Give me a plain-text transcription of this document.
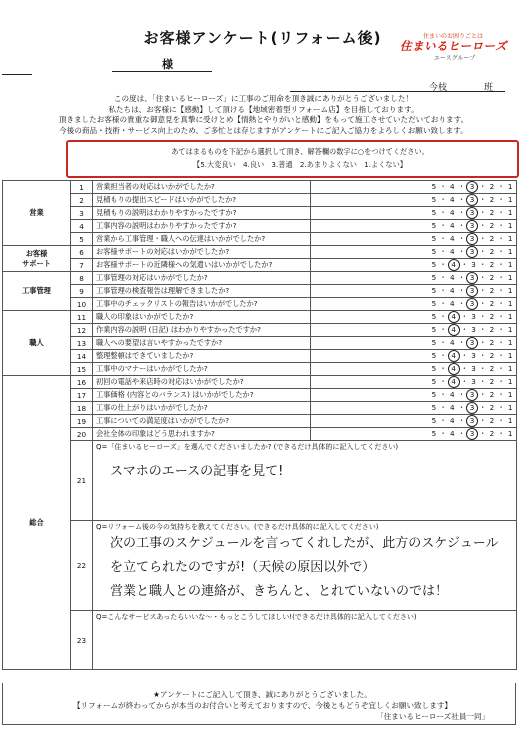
お客様アンケート(リフォーム後)	住まいのお困りごとは
住まいるヒーローズ
エースグループ
様
今枝	班
この度は、「住まいるヒーローズ」に工事のご用命を頂き誠にありがとうございました！
私たちは、お客様に【感動】して頂ける【地域密着型リフォーム店】を目指しております。
頂きましたお客様の貴重な御意見を真摯に受けとめ【情熱とやりがいと感動】をもって施工させていただいております。
今後の商品・技術・サービス向上のため、ご多忙とは存じますがアンケートにご記入ご協力をよろしくお願い致します。
あてはまるものを下記から選択して頂き、解答欄の数字に○をつけてください。
【5.大変良い　4.良い　3.普通　2.あまりよくない　1.よくない】
営業	1	営業担当者の対応はいかがでしたか?	5 ・ 4 ・ 3 ・ 2 ・ 1
	2	見積もりの提出スピードはいかがでしたか?	5 ・ 4 ・ 3 ・ 2 ・ 1
	3	見積もりの説明はわかりやすかったですか?	5 ・ 4 ・ 3 ・ 2 ・ 1
	4	工事内容の説明はわかりやすかったですか?	5 ・ 4 ・ 3 ・ 2 ・ 1
	5	営業から工事管理・職人への伝達はいかがでしたか?	5 ・ 4 ・ 3 ・ 2 ・ 1
お客様
サポート	6	お客様サポートの対応はいかがでしたか?	5 ・ 4 ・ 3 ・ 2 ・ 1
	7	お客様サポートの近隣様への気遣いはいかがでしたか?	5 ・ 4 ・ 3 ・ 2 ・ 1
工事管理	8	工事管理の対応はいかがでしたか?	5 ・ 4 ・ 3 ・ 2 ・ 1
	9	工事管理の検査報告は理解できましたか?	5 ・ 4 ・ 3 ・ 2 ・ 1
	10	工事中のチェックリストの報告はいかがでしたか?	5 ・ 4 ・ 3 ・ 2 ・ 1
職人	11	職人の印象はいかがでしたか?	5 ・ 4 ・ 3 ・ 2 ・ 1
	12	作業内容の説明 (日記) はわかりやすかったですか?	5 ・ 4 ・ 3 ・ 2 ・ 1
	13	職人への要望は言いやすかったですか?	5 ・ 4 ・ 3 ・ 2 ・ 1
	14	整理整頓はできていましたか?	5 ・ 4 ・ 3 ・ 2 ・ 1
	15	工事中のマナーはいかがでしたか?	5 ・ 4 ・ 3 ・ 2 ・ 1
総合	16	初回の電話や来店時の対応はいかがでしたか?	5 ・ 4 ・ 3 ・ 2 ・ 1
	17	工事価格 (内容とのバランス) はいかがでしたか?	5 ・ 4 ・ 3 ・ 2 ・ 1
	18	工事の仕上がりはいかがでしたか?	5 ・ 4 ・ 3 ・ 2 ・ 1
	19	工事についての満足度はいかがでしたか?	5 ・ 4 ・ 3 ・ 2 ・ 1
	20	会社全体の印象はどう思われますか?	5 ・ 4 ・ 3 ・ 2 ・ 1
	21	Q=「住まいるヒーローズ」を選んでくださいましたか? (できるだけ具体的に記入してください)
スマホのエースの記事を見て!	

	22	Q=リフォーム後の今の気持ちを教えてください。(できるだけ具体的に記入してください)
次の工事のスケジュールを言ってくれしたが、此方のスケジュール
を立てられたのですが!（天候の原因以外で）
営業と職人との連絡が、きちんと、とれていないのでは！	

	23	Q=こんなサービスあったらいいな〜・もっとこうしてほしい!(できるだけ具体的に記入してください)	
★アンケートにご記入して頂き、誠にありがとうございました。
【リフォームが終わってからが本当のお付合いと考えておりますので、今後ともどうぞ宜しくお願い致します】
「住まいるヒーローズ社員一同」
